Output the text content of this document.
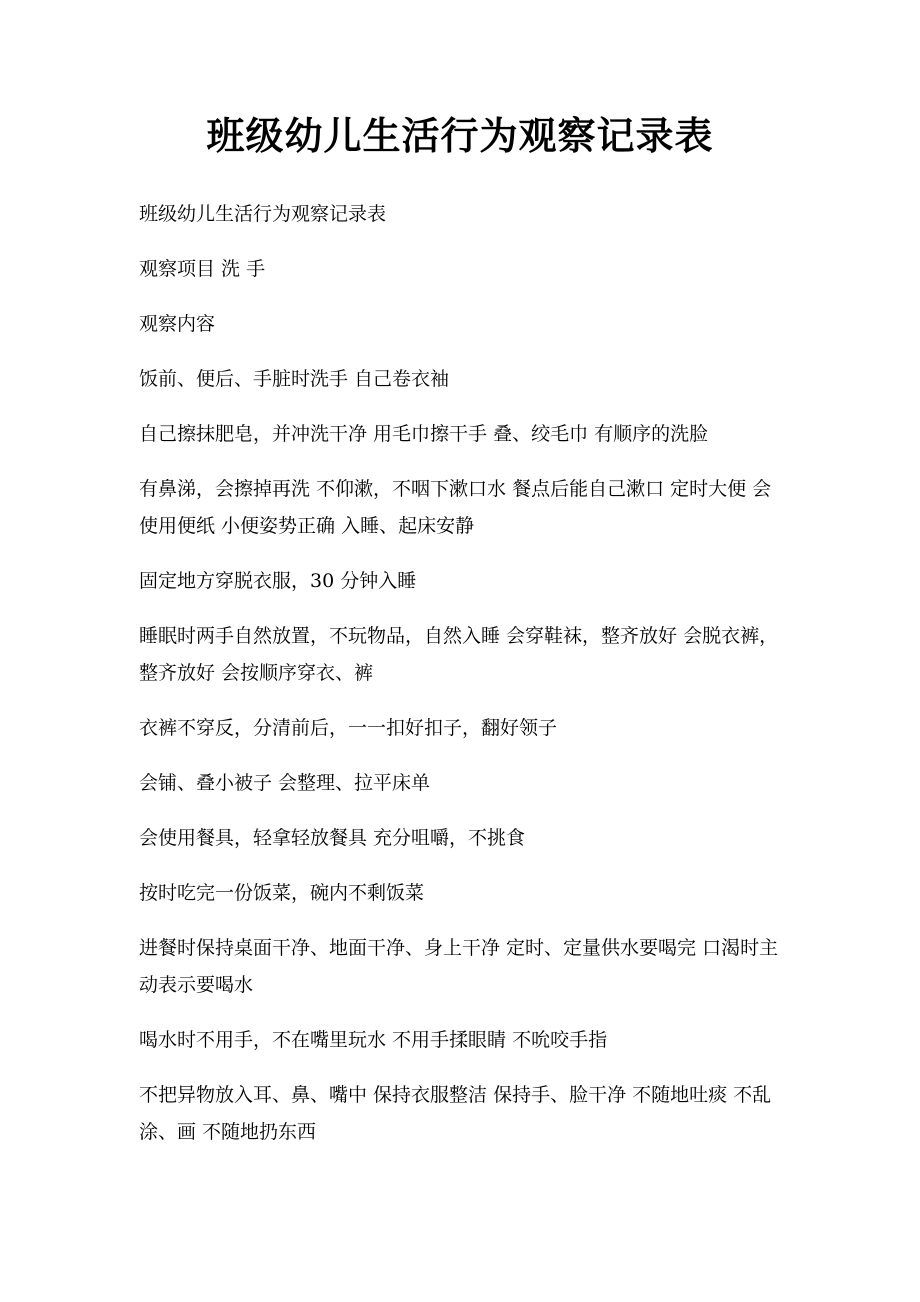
班级幼儿生活行为观察记录表

班级幼儿生活行为观察记录表

观察项目 洗 手

观察内容

饭前、便后、手脏时洗手 自己卷衣袖

自己擦抹肥皂，并冲洗干净 用毛巾擦干手 叠、绞毛巾 有顺序的洗脸

有鼻涕，会擦掉再洗 不仰漱，不咽下漱口水 餐点后能自己漱口 定时大便 会使用便纸 小便姿势正确 入睡、起床安静

固定地方穿脱衣服，30 分钟入睡

睡眠时两手自然放置，不玩物品，自然入睡 会穿鞋袜，整齐放好 会脱衣裤，整齐放好 会按顺序穿衣、裤

衣裤不穿反，分清前后，一一扣好扣子，翻好领子

会铺、叠小被子 会整理、拉平床单

会使用餐具，轻拿轻放餐具 充分咀嚼，不挑食

按时吃完一份饭菜，碗内不剩饭菜

进餐时保持桌面干净、地面干净、身上干净 定时、定量供水要喝完 口渴时主动表示要喝水

喝水时不用手，不在嘴里玩水 不用手揉眼睛 不吮咬手指

不把异物放入耳、鼻、嘴中 保持衣服整洁 保持手、脸干净 不随地吐痰 不乱涂、画 不随地扔东西
